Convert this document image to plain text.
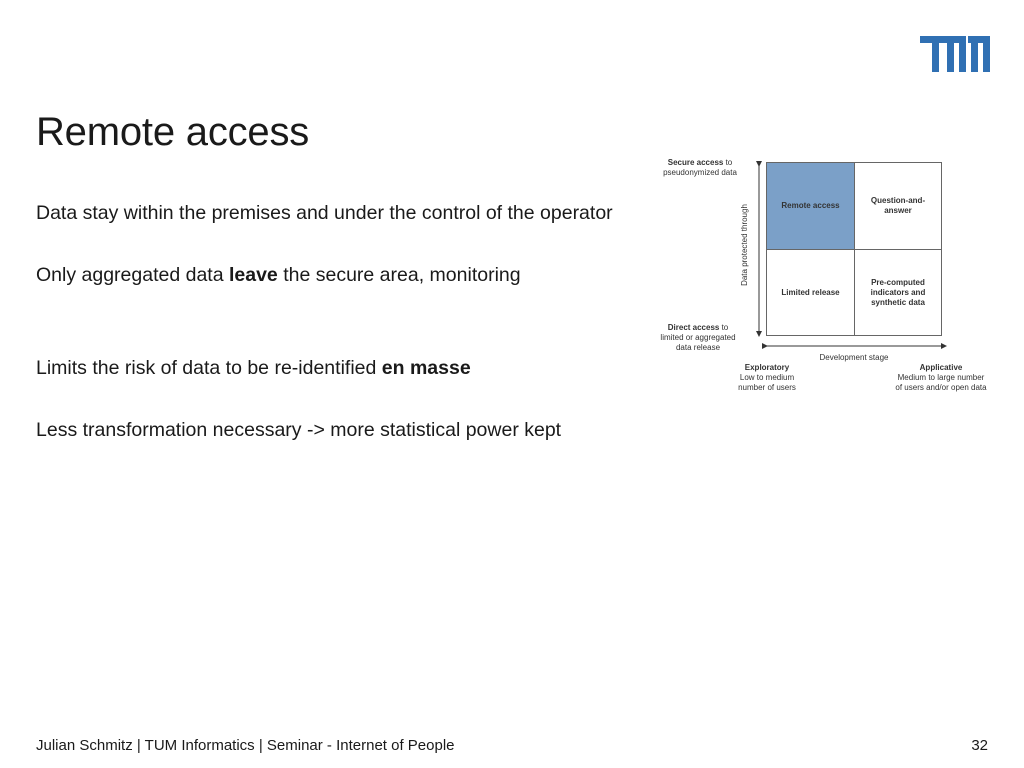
Remote access

Data stay within the premises and under the control of the operator

Only aggregated data leave the secure area, monitoring

Limits the risk of data to be re-identified en masse

Less transformation necessary -> more statistical power kept

Secure access to
pseudonymized data
Data protected through	Remote access
Question-and-
answer
Limited release
Pre-computed
indicators and
synthetic data
Direct access to
limited or aggregated
data release
Development stage
Exploratory
Low to medium
number of users
Applicative
Medium to large number
of users and/or open data
Julian Schmitz | TUM Informatics | Seminar - Internet of People	32
